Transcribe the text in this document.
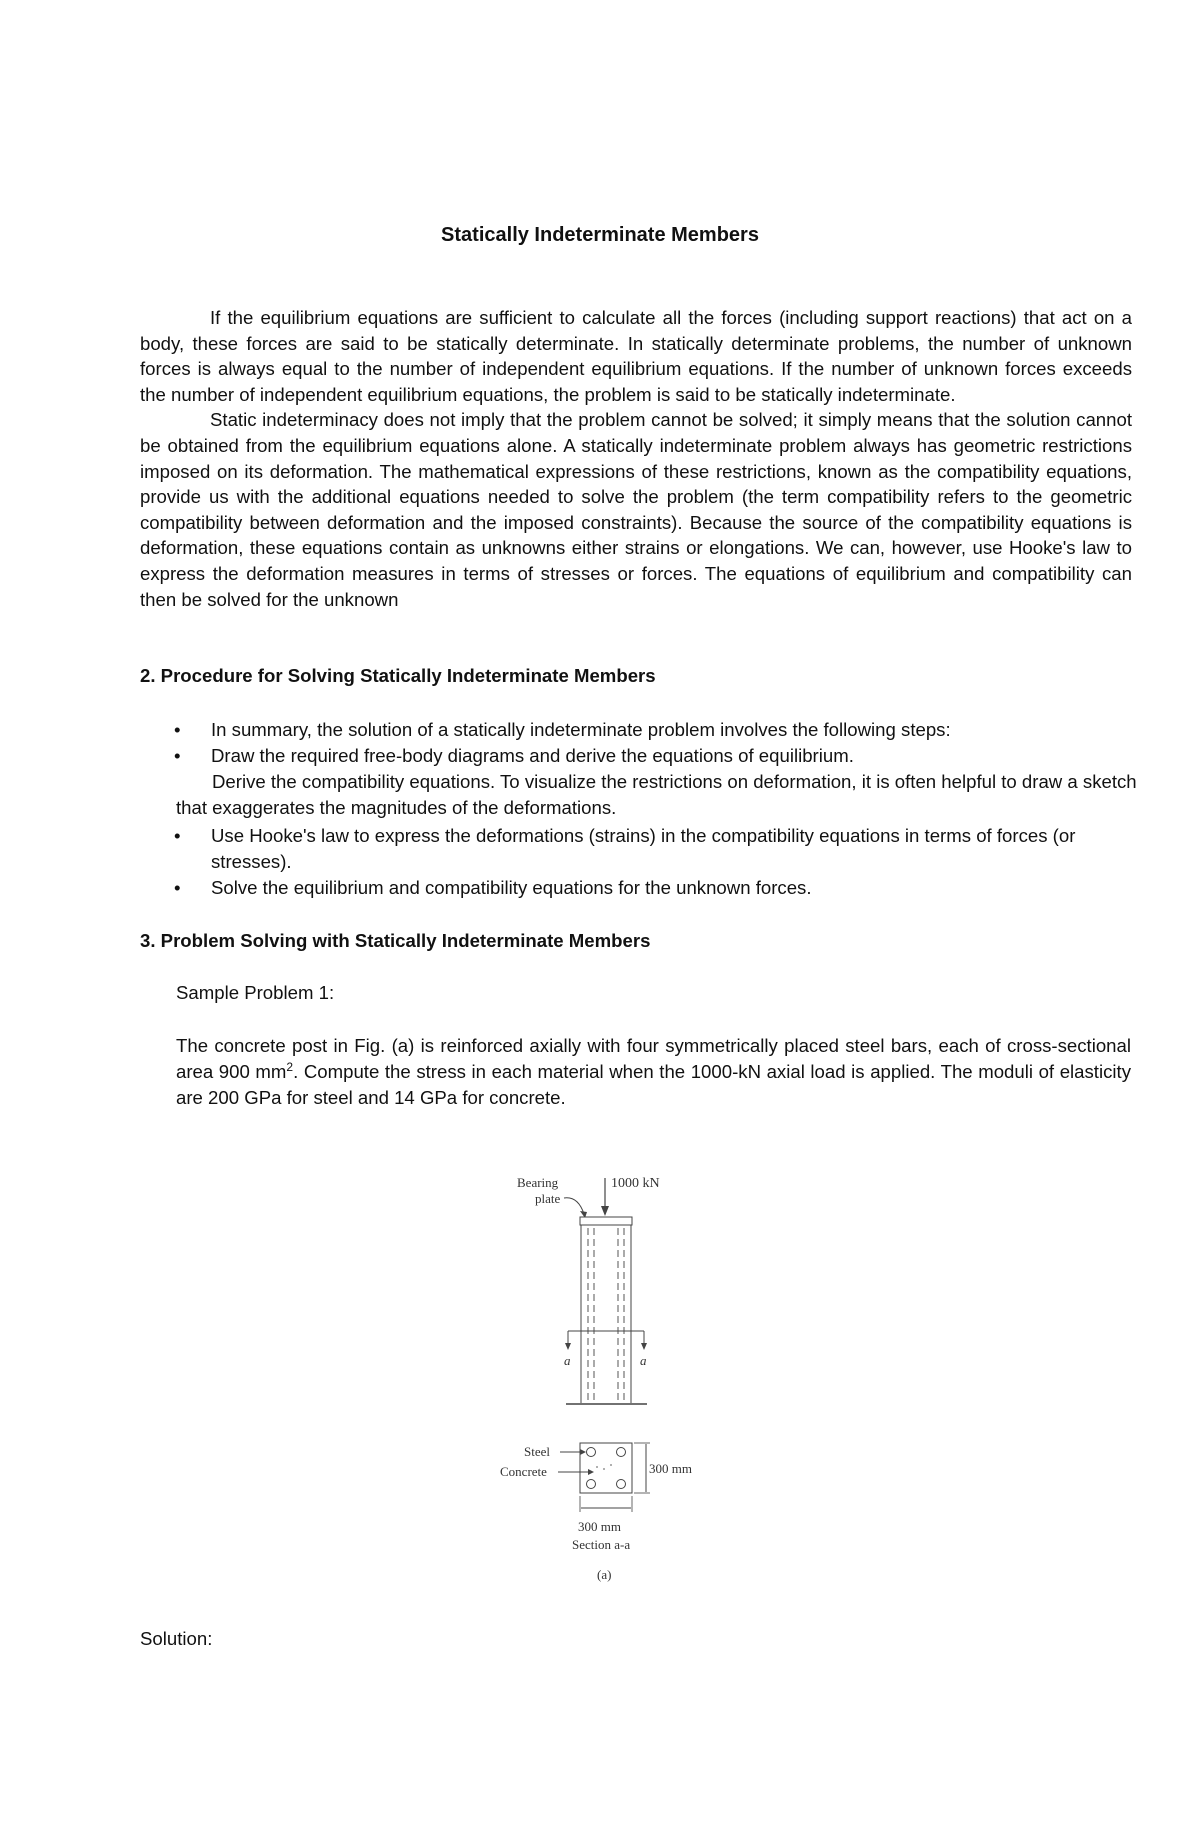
Statically Indeterminate Members

If the equilibrium equations are sufficient to calculate all the forces (including support reactions) that act on a body, these forces are said to be statically determinate. In statically determinate problems, the number of unknown forces is always equal to the number of independent equilibrium equations. If the number of unknown forces exceeds the number of independent equilibrium equations, the problem is said to be statically indeterminate.

Static indeterminacy does not imply that the problem cannot be solved; it simply means that the solution cannot be obtained from the equilibrium equations alone. A statically indeterminate problem always has geometric restrictions imposed on its deformation. The mathematical expressions of these restrictions, known as the compatibility equations, provide us with the additional equations needed to solve the problem (the term compatibility refers to the geometric compatibility between deformation and the imposed constraints). Because the source of the compatibility equations is deformation, these equations contain as unknowns either strains or elongations. We can, however, use Hooke's law to express the deformation measures in terms of stresses or forces. The equations of equilibrium and compatibility can then be solved for the unknown

2. Procedure for Solving Statically Indeterminate Members
• In summary, the solution of a statically indeterminate problem involves the following steps:
• Draw the required free-body diagrams and derive the equations of equilibrium.
Derive the compatibility equations. To visualize the restrictions on deformation, it is often helpful to draw a sketch that exaggerates the magnitudes of the deformations.
• Use Hooke's law to express the deformations (strains) in the compatibility equations in terms of forces (or stresses).
• Solve the equilibrium and compatibility equations for the unknown forces.
3. Problem Solving with Statically Indeterminate Members
Sample Problem 1:
The concrete post in Fig. (a) is reinforced axially with four symmetrically placed steel bars, each of cross-sectional area 900 $mm^2$. Compute the stress in each material when the 1000-kN axial load is applied. The moduli of elasticity are 200 GPa for steel and 14 GPa for concrete.
1000 kN
Bearing
plate
a	a
Steel
Concrete	300 mm
300 mm
Section a-a
(a)
Solution:
